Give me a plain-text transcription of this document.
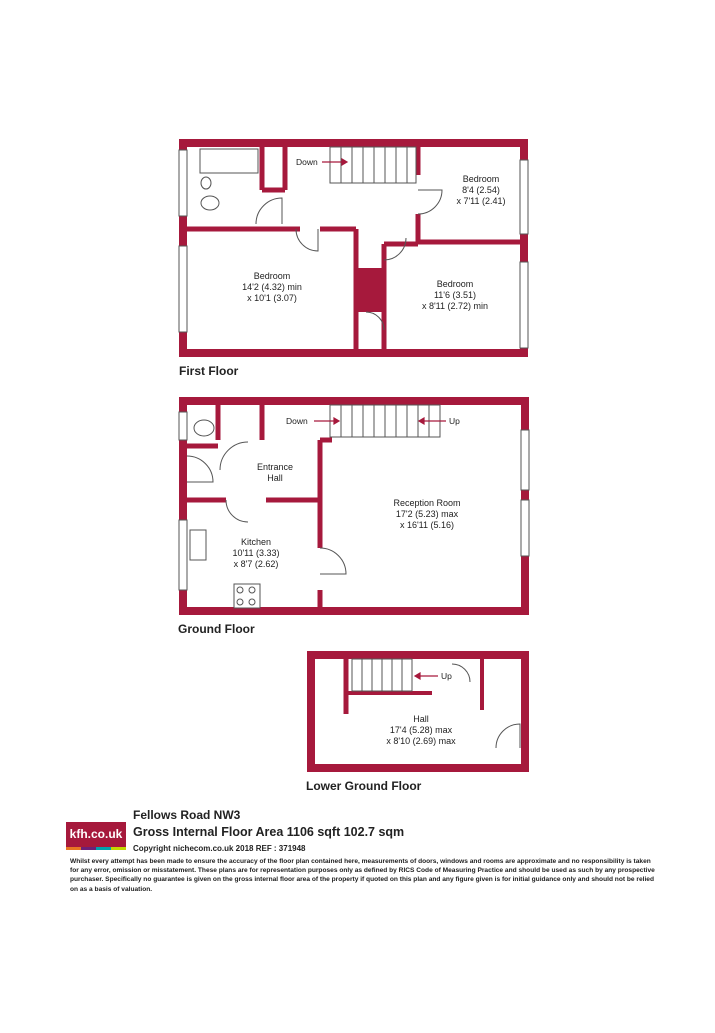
Bedroom
8'4 (2.54)
x 7'11 (2.41)
Bedroom
14'2 (4.32) min
x 10'1 (3.07)
Bedroom
11'6 (3.51)
x 8'11 (2.72) min
Entrance
Hall
Reception Room
17'2 (5.23) max
x 16'11 (5.16)
Kitchen
10'11 (3.33)
x 8'7 (2.62)
Hall
17'4 (5.28) max
x 8'10 (2.69) max
Down
Down	Up
Up
First Floor
Ground Floor
Lower Ground Floor
kfh.co.uk
Fellows Road NW3
Gross Internal Floor Area 1106 sqft 102.7 sqm
Copyright nichecom.co.uk 2018 REF : 371948
Whilst every attempt has been made to ensure the accuracy of the floor plan contained here, measurements of doors, windows and rooms are approximate and no responsibility is taken for any error, omission or misstatement. These plans are for representation purposes only as defined by RICS Code of Measuring Practice and should be used as such by any prospective purchaser. Specifically no guarantee is given on the gross internal floor area of the property if quoted on this plan and any figure given is for initial guidance only and should not be relied on as a basis of valuation.
